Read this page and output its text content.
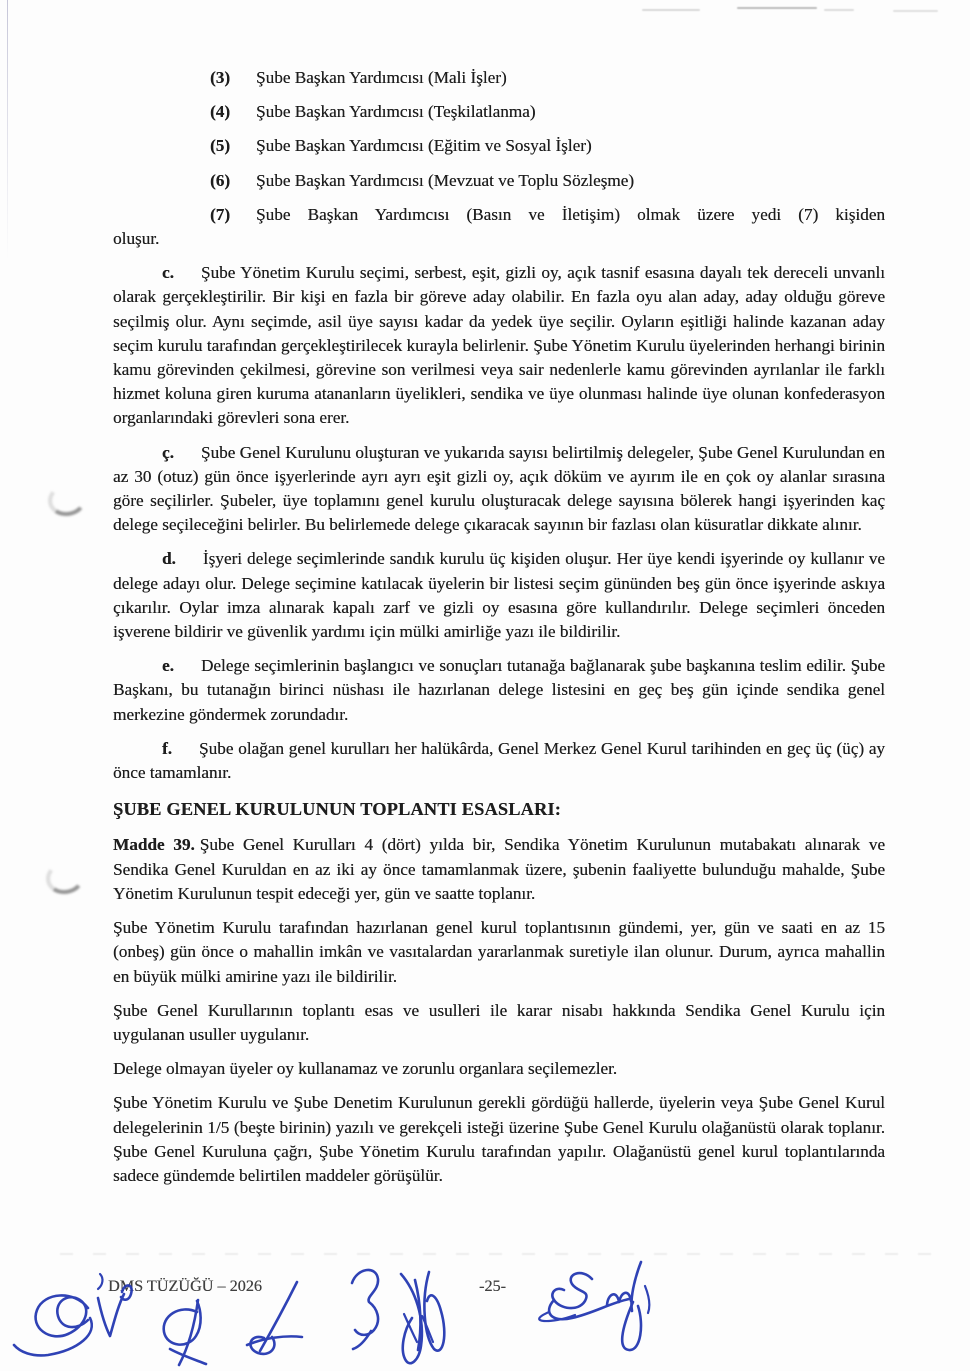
(3) Şube Başkan Yardımcısı (Mali İşler)

(4) Şube Başkan Yardımcısı (Teşkilatlanma)

(5) Şube Başkan Yardımcısı (Eğitim ve Sosyal İşler)

(6) Şube Başkan Yardımcısı (Mevzuat ve Toplu Sözleşme)

(7) Şube Başkan Yardımcısı (Basın ve İletişim) olmak üzere yedi (7) kişiden

oluşur.

c. Şube Yönetim Kurulu seçimi, serbest, eşit, gizli oy, açık tasnif esasına dayalı tek dereceli unvanlı olarak gerçekleştirilir. Bir kişi en fazla bir göreve aday olabilir. En fazla oyu alan aday, aday olduğu göreve seçilmiş olur. Aynı seçimde, asil üye sayısı kadar da yedek üye seçilir. Oyların eşitliği halinde kazanan aday seçim kurulu tarafından gerçekleştirilecek kurayla belirlenir. Şube Yönetim Kurulu üyelerinden herhangi birinin kamu görevinden çekilmesi, görevine son verilmesi veya sair nedenlerle kamu görevinden ayrılanlar ile farklı hizmet koluna giren kuruma atananların üyelikleri, sendika ve üye olunması halinde üye olunan konfederasyon organlarındaki görevleri sona erer.

ç. Şube Genel Kurulunu oluşturan ve yukarıda sayısı belirtilmiş delegeler, Şube Genel Kurulundan en az 30 (otuz) gün önce işyerlerinde ayrı ayrı eşit gizli oy, açık döküm ve ayırım ile en çok oy alanlar sırasına göre seçilirler. Şubeler, üye toplamını genel kurulu oluşturacak delege sayısına bölerek hangi işyerinden kaç delege seçileceğini belirler. Bu belirlemede delege çıkaracak sayının bir fazlası olan küsuratlar dikkate alınır.

d. İşyeri delege seçimlerinde sandık kurulu üç kişiden oluşur. Her üye kendi işyerinde oy kullanır ve delege adayı olur. Delege seçimine katılacak üyelerin bir listesi seçim gününden beş gün önce işyerinde askıya çıkarılır. Oylar imza alınarak kapalı zarf ve gizli oy esasına göre kullandırılır. Delege seçimleri önceden işverene bildirir ve güvenlik yardımı için mülki amirliğe yazı ile bildirilir.

e. Delege seçimlerinin başlangıcı ve sonuçları tutanağa bağlanarak şube başkanına teslim edilir. Şube Başkanı, bu tutanağın birinci nüshası ile hazırlanan delege listesini en geç beş gün içinde sendika genel merkezine göndermek zorundadır.

f. Şube olağan genel kurulları her halükârda, Genel Merkez Genel Kurul tarihinden en geç üç (üç) ay önce tamamlanır.

ŞUBE GENEL KURULUNUN TOPLANTI ESASLARI:

Madde 39. Şube Genel Kurulları 4 (dört) yılda bir, Sendika Yönetim Kurulunun mutabakatı alınarak ve Sendika Genel Kuruldan en az iki ay önce tamamlanmak üzere, şubenin faaliyette bulunduğu mahalde, Şube Yönetim Kurulunun tespit edeceği yer, gün ve saatte toplanır.

Şube Yönetim Kurulu tarafından hazırlanan genel kurul toplantısının gündemi, yer, gün ve saati en az 15 (onbeş) gün önce o mahallin imkân ve vasıtalardan yararlanmak suretiyle ilan olunur. Durum, ayrıca mahallin en büyük mülki amirine yazı ile bildirilir.

Şube Genel Kurullarının toplantı esas ve usulleri ile karar nisabı hakkında Sendika Genel Kurulu için uygulanan usuller uygulanır.

Delege olmayan üyeler oy kullanamaz ve zorunlu organlara seçilemezler.

Şube Yönetim Kurulu ve Şube Denetim Kurulunun gerekli gördüğü hallerde, üyelerin veya Şube Genel Kurul delegelerinin 1/5 (beşte birinin) yazılı ve gerekçeli isteği üzerine Şube Genel Kurulu olağanüstü olarak toplanır. Şube Genel Kuruluna çağrı, Şube Yönetim Kurulu tarafından yapılır. Olağanüstü genel kurul toplantılarında sadece gündemde belirtilen maddeler görüşülür.

DMS TÜZÜĞÜ – 2026	-25-
